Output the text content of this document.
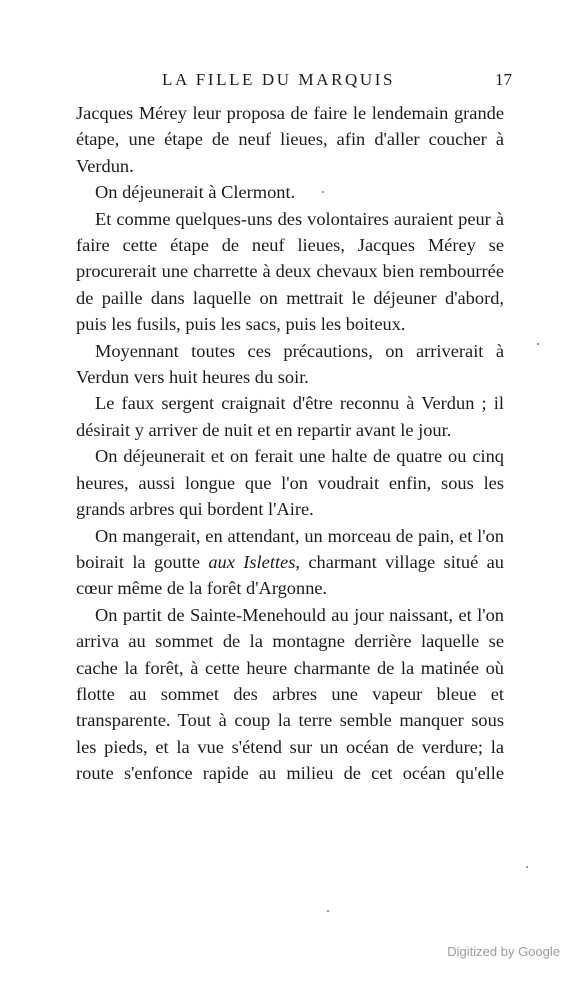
LA FILLE DU MARQUIS	17

Jacques Mérey leur proposa de faire le lendemain grande étape, une étape de neuf lieues, afin d'aller coucher à Verdun.

On déjeunerait à Clermont.

Et comme quelques-uns des volontaires auraient peur à faire cette étape de neuf lieues, Jacques Mérey se procurerait une charrette à deux chevaux bien rembourrée de paille dans laquelle on mettrait le déjeuner d'abord, puis les fusils, puis les sacs, puis les boiteux.

Moyennant toutes ces précautions, on arriverait à Verdun vers huit heures du soir.

Le faux sergent craignait d'être reconnu à Verdun ; il désirait y arriver de nuit et en repartir avant le jour.

On déjeunerait et on ferait une halte de quatre ou cinq heures, aussi longue que l'on voudrait enfin, sous les grands arbres qui bordent l'Aire.

On mangerait, en attendant, un morceau de pain, et l'on boirait la goutte aux Islettes, charmant village situé au cœur même de la forêt d'Argonne.

On partit de Sainte-Menehould au jour naissant, et l'on arriva au sommet de la montagne derrière laquelle se cache la forêt, à cette heure charmante de la matinée où flotte au sommet des arbres une vapeur bleue et transparente. Tout à coup la terre semble manquer sous les pieds, et la vue s'étend sur un océan de verdure; la route s'enfonce rapide au milieu de cet océan qu'elle

Digitized by Google
